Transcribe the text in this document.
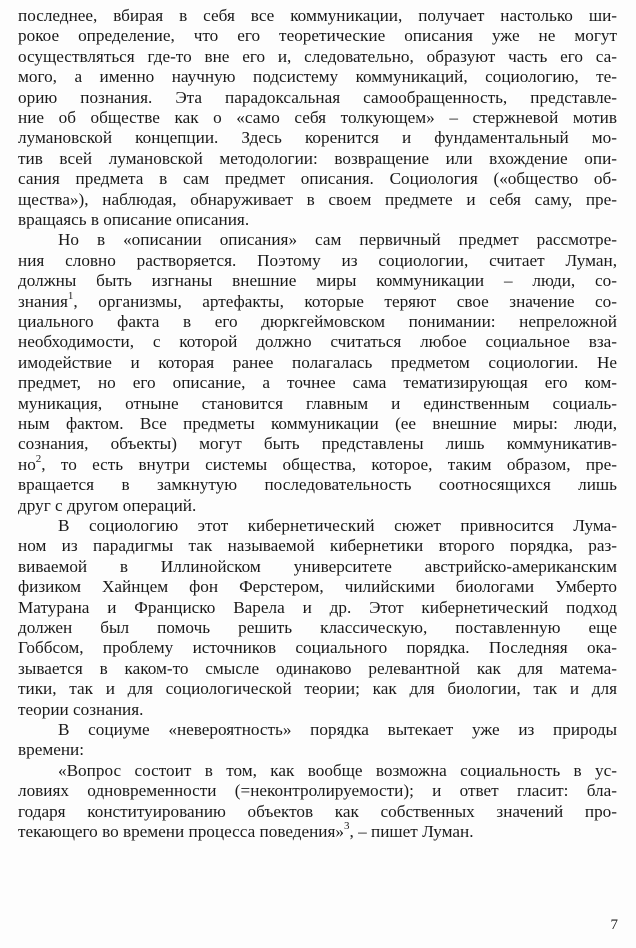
последнее, вбирая в себя все коммуникации, получает настолько ши-
рокое определение, что его теоретические описания уже не могут
осуществляться где-то вне его и, следовательно, образуют часть его са-
мого, а именно научную подсистему коммуникаций, социологию, те-
орию познания. Эта парадоксальная самообращенность, представле-
ние об обществе как о «само себя толкующем» – стержневой мотив
лумановской концепции. Здесь коренится и фундаментальный мо-
тив всей лумановской методологии: возвращение или вхождение опи-
сания предмета в сам предмет описания. Социология («общество об-
щества»), наблюдая, обнаруживает в своем предмете и себя саму, пре-
вращаясь в описание описания.
Но в «описании описания» сам первичный предмет рассмотре-
ния словно растворяется. Поэтому из социологии, считает Луман,
должны быть изгнаны внешние миры коммуникации – люди, со-
знания$^1$, организмы, артефакты, которые теряют свое значение со-
циального факта в его дюркгеймовском понимании: непреложной
необходимости, с которой должно считаться любое социальное вза-
имодействие и которая ранее полагалась предметом социологии. Не
предмет, но его описание, а точнее сама тематизирующая его ком-
муникация, отныне становится главным и единственным социаль-
ным фактом. Все предметы коммуникации (ее внешние миры: люди,
сознания, объекты) могут быть представлены лишь коммуникатив-
$но^2$, то есть внутри системы общества, которое, таким образом, пре-
вращается в замкнутую последовательность соотносящихся лишь
друг с другом операций.
В социологию этот кибернетический сюжет привносится Лума-
ном из парадигмы так называемой кибернетики второго порядка, раз-
виваемой в Иллинойском университете австрийско-американским
физиком Хайнцем фон Ферстером, чилийскими биологами Умберто
Матурана и Франциско Варела и др. Этот кибернетический подход
должен был помочь решить классическую, поставленную еще
Гоббсом, проблему источников социального порядка. Последняя ока-
зывается в каком-то смысле одинаково релевантной как для матема-
тики, так и для социологической теории; как для биологии, так и для
теории сознания.
В социуме «невероятность» порядка вытекает уже из природы
времени:
«Вопрос состоит в том, как вообще возможна социальность в ус-
ловиях одновременности (=неконтролируемости); и ответ гласит: бла-
годаря конституированию объектов как собственных значений про-
текающего во времени процесса поведения»$^3$, – пишет Луман.
7
